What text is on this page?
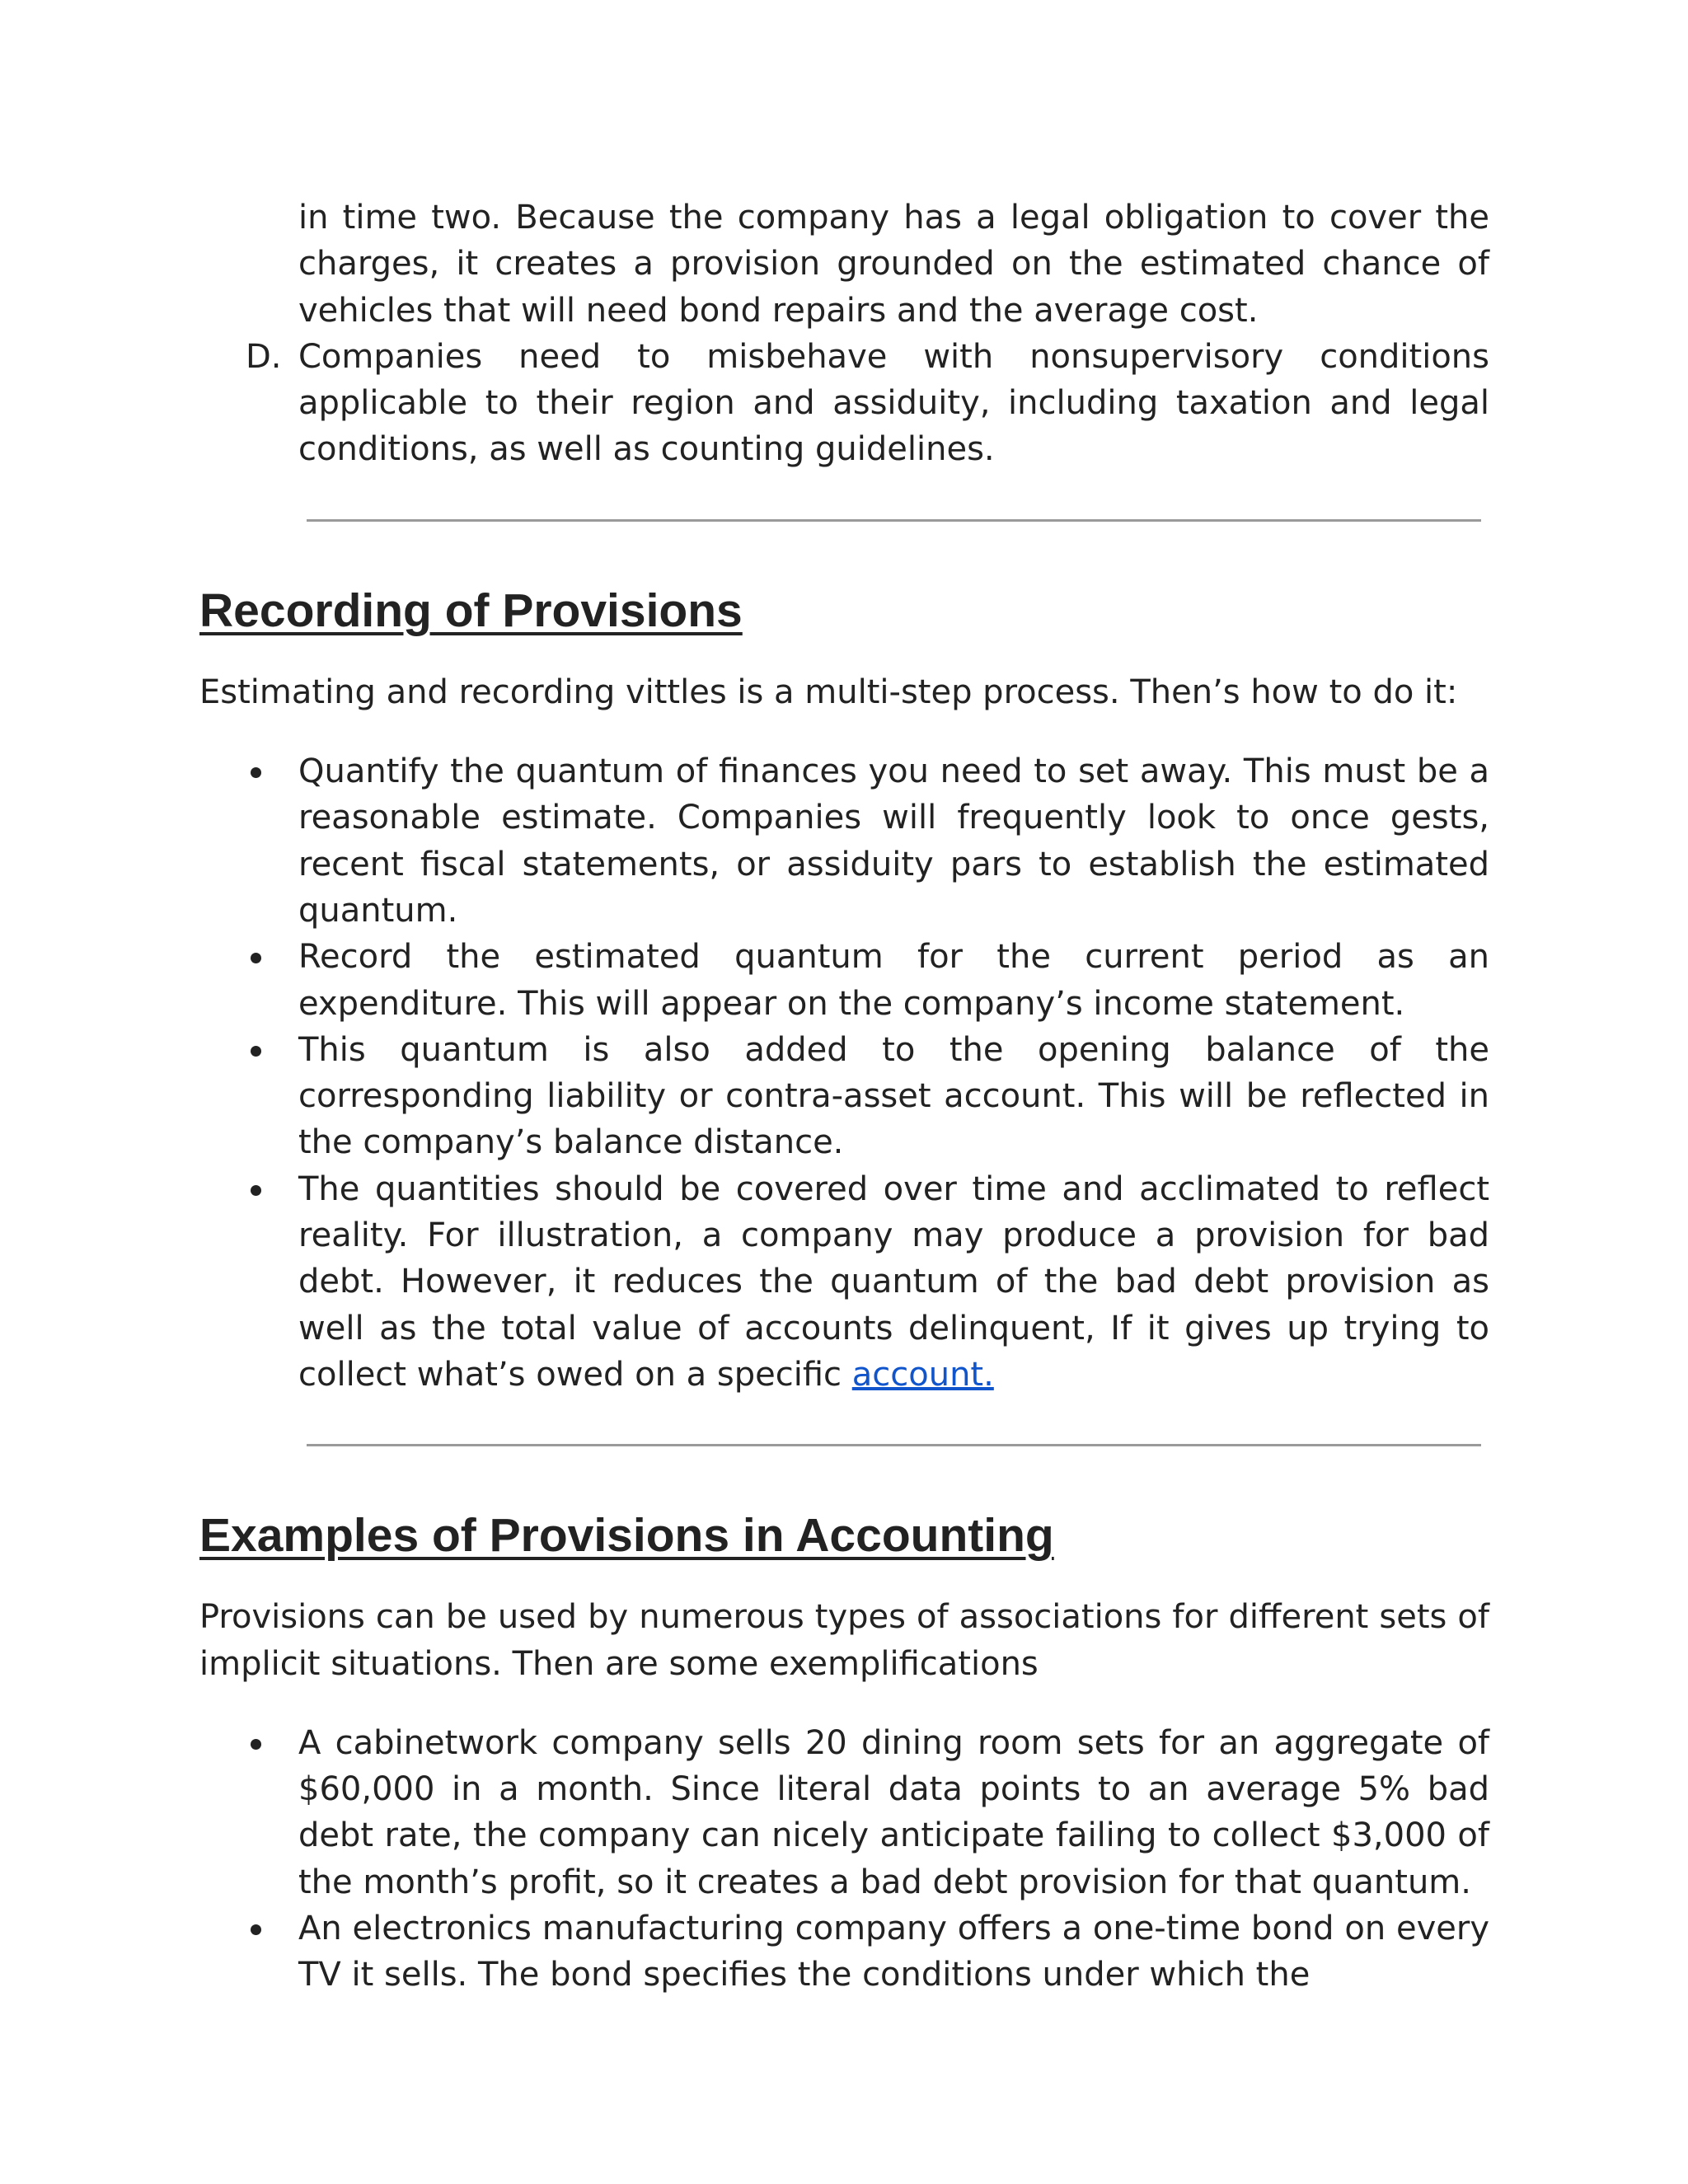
in time two. Because the company has a legal obligation to cover the charges, it creates a provision grounded on the estimated chance of vehicles that will need bond repairs and the average cost.

D. Companies need to misbehave with nonsupervisory conditions applicable to their region and assiduity, including taxation and legal conditions, as well as counting guidelines.

Recording of Provisions

Estimating and recording vittles is a multi-step process. Then’s how to do it:

Quantify the quantum of finances you need to set away. This must be a reasonable estimate. Companies will frequently look to once gests, recent fiscal statements, or assiduity pars to establish the estimated quantum.

Record the estimated quantum for the current period as an expenditure. This will appear on the company’s income statement.

This quantum is also added to the opening balance of the corresponding liability or contra-asset account. This will be reflected in the company’s balance distance.

The quantities should be covered over time and acclimated to reflect reality. For illustration, a company may produce a provision for bad debt. However, it reduces the quantum of the bad debt provision as well as the total value of accounts delinquent, If it gives up trying to collect what’s owed on a specific account.

Examples of Provisions in Accounting

Provisions can be used by numerous types of associations for different sets of implicit situations. Then are some exemplifications

A cabinetwork company sells 20 dining room sets for an aggregate of $60,000 in a month. Since literal data points to an average 5% bad debt rate, the company can nicely anticipate failing to collect $3,000 of the month’s profit, so it creates a bad debt provision for that quantum.

An electronics manufacturing company offers a one-time bond on every TV it sells. The bond specifies the conditions under which the
